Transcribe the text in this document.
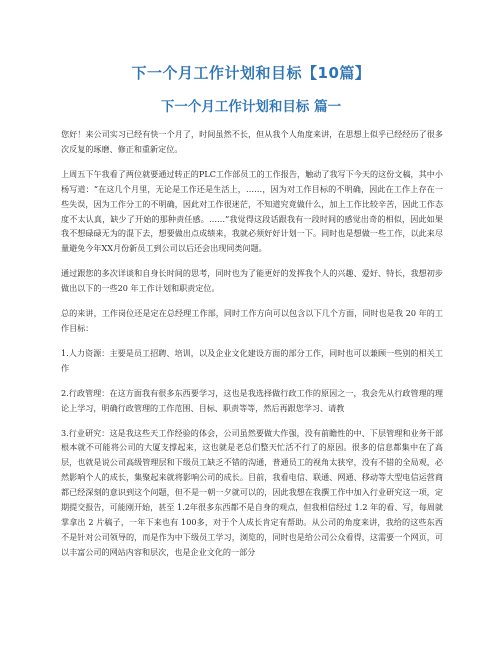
下一个月工作计划和目标【10篇】
下一个月工作计划和目标 篇一

您好！来公司实习已经有快一个月了，时间虽然不长，但从我个人角度来讲，在思想上似乎已经经历了很多次反复的琢磨、修正和重新定位。

上周五下午我看了两位就要通过转正的PLC工作部员工的工作报告，触动了我写下今天的这份文稿，其中小杨写道：“在这几个月里，无论是工作还是生活上，……，因为对工作目标的不明确，因此在工作上存在一些失误，因为工作分工的不明确，因此对工作很迷茫，不知道究竟做什么，加上工作比较辛苦，因此工作态度不太认真，缺少了开始的那种责任感。……”我觉得这段话跟我有一段时间的感觉出奇的相似，因此如果我不想碌碌无为的混下去，想要做出点成绩来，我就必须好好计划一下。同时也是想做一些工作，以此来尽量避免今年XX月份新员工到公司以后还会出现同类问题。

通过跟您的多次详谈和自身长时间的思考，同时也为了能更好的发挥我个人的兴趣、爱好、特长，我想初步做出以下的一些20 年工作计划和职责定位。

总的来讲，工作岗位还是定在总经理工作部，同时工作方向可以包含以下几个方面，同时也是我 20 年的工作目标：

1.人力资源：主要是员工招聘、培训，以及企业文化建设方面的部分工作，同时也可以兼顾一些别的相关工作

2.行政管理：在这方面我有很多东西要学习，这也是我选择做行政工作的原因之一，我会先从行政管理的理论上学习，明确行政管理的工作范围、目标、职责等等，然后再跟您学习、请教

3.行业研究：这是我这些天工作经验的体会，公司虽然要做大作强，没有前瞻性的中、下层管理和业务干部根本就不可能将公司的大厦支撑起来，这也就是老总们整天忙活不行了的原因。很多的信息都集中在了高层，也就是说公司高级管理层和下级员工缺乏不错的沟通，普通员工的视角太狭窄，没有不错的全局观，必然影响个人的成长，集聚起来就将影响公司的成长。目前，我看电信、联通、网通、移动等大型电信运营商都已经深刻的意识到这个问题，但不是一朝一夕就可以的，因此我想在我撰工作中加入行业研究这一项，定期提交报告，可能刚开始，甚至 1.2年很多东西都不是自身的观点，但我相信经过 1.2 年的看、写，每周就掌拿出 2 片稿子，一年下来也有 100多，对于个人成长肯定有帮助。从公司的角度来讲，我给的这些东西不是针对公司领导的，而是作为中下级员工学习，浏览的，同时也是给公司公众看得，这需要一个网页，可以丰富公司的网站内容和层次，也是企业文化的一部分
